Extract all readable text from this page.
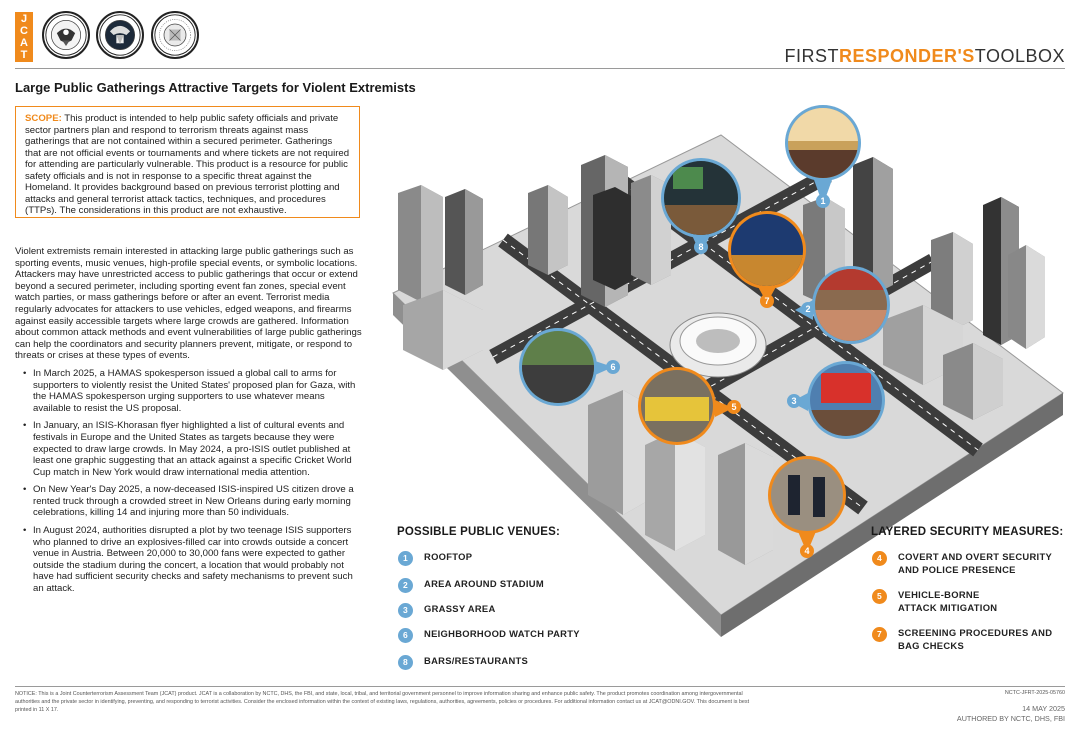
J
C
A
T	FIRSTRESPONDER'STOOLBOX
Large Public Gatherings Attractive Targets for Violent Extremists
SCOPE: This product is intended to help public safety officials and private sector partners plan and respond to terrorism threats against mass gatherings that are not contained within a secured perimeter. Gatherings that are not official events or tournaments and where tickets are not required for attending are particularly vulnerable. This product is a resource for public safety officials and is not in response to a specific threat against the Homeland. It provides background based on previous terrorist plotting and attacks and general terrorist attack tactics, techniques, and procedures (TTPs). The considerations in this product are not exhaustive.

Violent extremists remain interested in attacking large public gatherings such as sporting events, music venues, high-profile special events, or symbolic locations. Attackers may have unrestricted access to public gatherings that occur or extend beyond a secured perimeter, including sporting event fan zones, special event watch parties, or mass gatherings before or after an event. Terrorist media regularly advocates for attackers to use vehicles, edged weapons, and firearms against easily accessible targets where large crowds are gathered. Information about common attack methods and event vulnerabilities of large public gatherings can help the coordinators and security planners prevent, mitigate, or respond to threats or crises at these types of events.

• In March 2025, a HAMAS spokesperson issued a global call to arms for supporters to violently resist the United States' proposed plan for Gaza, with the HAMAS spokesperson urging supporters to use whatever means available to resist the US proposal.
• In January, an ISIS-Khorasan flyer highlighted a list of cultural events and festivals in Europe and the United States as targets because they were expected to draw large crowds. In May 2024, a pro-ISIS outlet published at least one graphic suggesting that an attack against a specific Cricket World Cup match in New York would draw international media attention.
• On New Year's Day 2025, a now-deceased ISIS-inspired US citizen drove a rented truck through a crowded street in New Orleans during early morning celebrations, killing 14 and injuring more than 50 individuals.
• In August 2024, authorities disrupted a plot by two teenage ISIS supporters who planned to drive an explosives-filled car into crowds outside a concert venue in Austria. Between 20,000 to 30,000 fans were expected to gather outside the stadium during the concert, a location that would probably not have had sufficient security checks and safety mechanisms to prevent such an attack.
1
2
3
4
5
6
7
8
POSSIBLE PUBLIC VENUES:
1	ROOFTOP
2	AREA AROUND STADIUM
3	GRASSY AREA
6	NEIGHBORHOOD WATCH PARTY
8	BARS/RESTAURANTS
LAYERED SECURITY MEASURES:
4	COVERT AND OVERT SECURITY
AND POLICE PRESENCE
5	VEHICLE-BORNE
ATTACK MITIGATION
7	SCREENING PROCEDURES AND
BAG CHECKS
NOTICE: This is a Joint Counterterrorism Assessment Team (JCAT) product. JCAT is a collaboration by NCTC, DHS, the FBI, and state, local, tribal, and territorial government personnel to improve information sharing and enhance public safety. The product promotes coordination among intergovernmental authorities and the private sector in identifying, preventing, and responding to terrorist activities. Consider the enclosed information within the context of existing laws, regulations, authorities, agreements, policies or procedures. For additional information contact us at JCAT@ODNI.GOV. This document is best printed in 11 X 17.
NCTC-JFRT-2025-05760
14 MAY 2025
AUTHORED BY NCTC, DHS, FBI
